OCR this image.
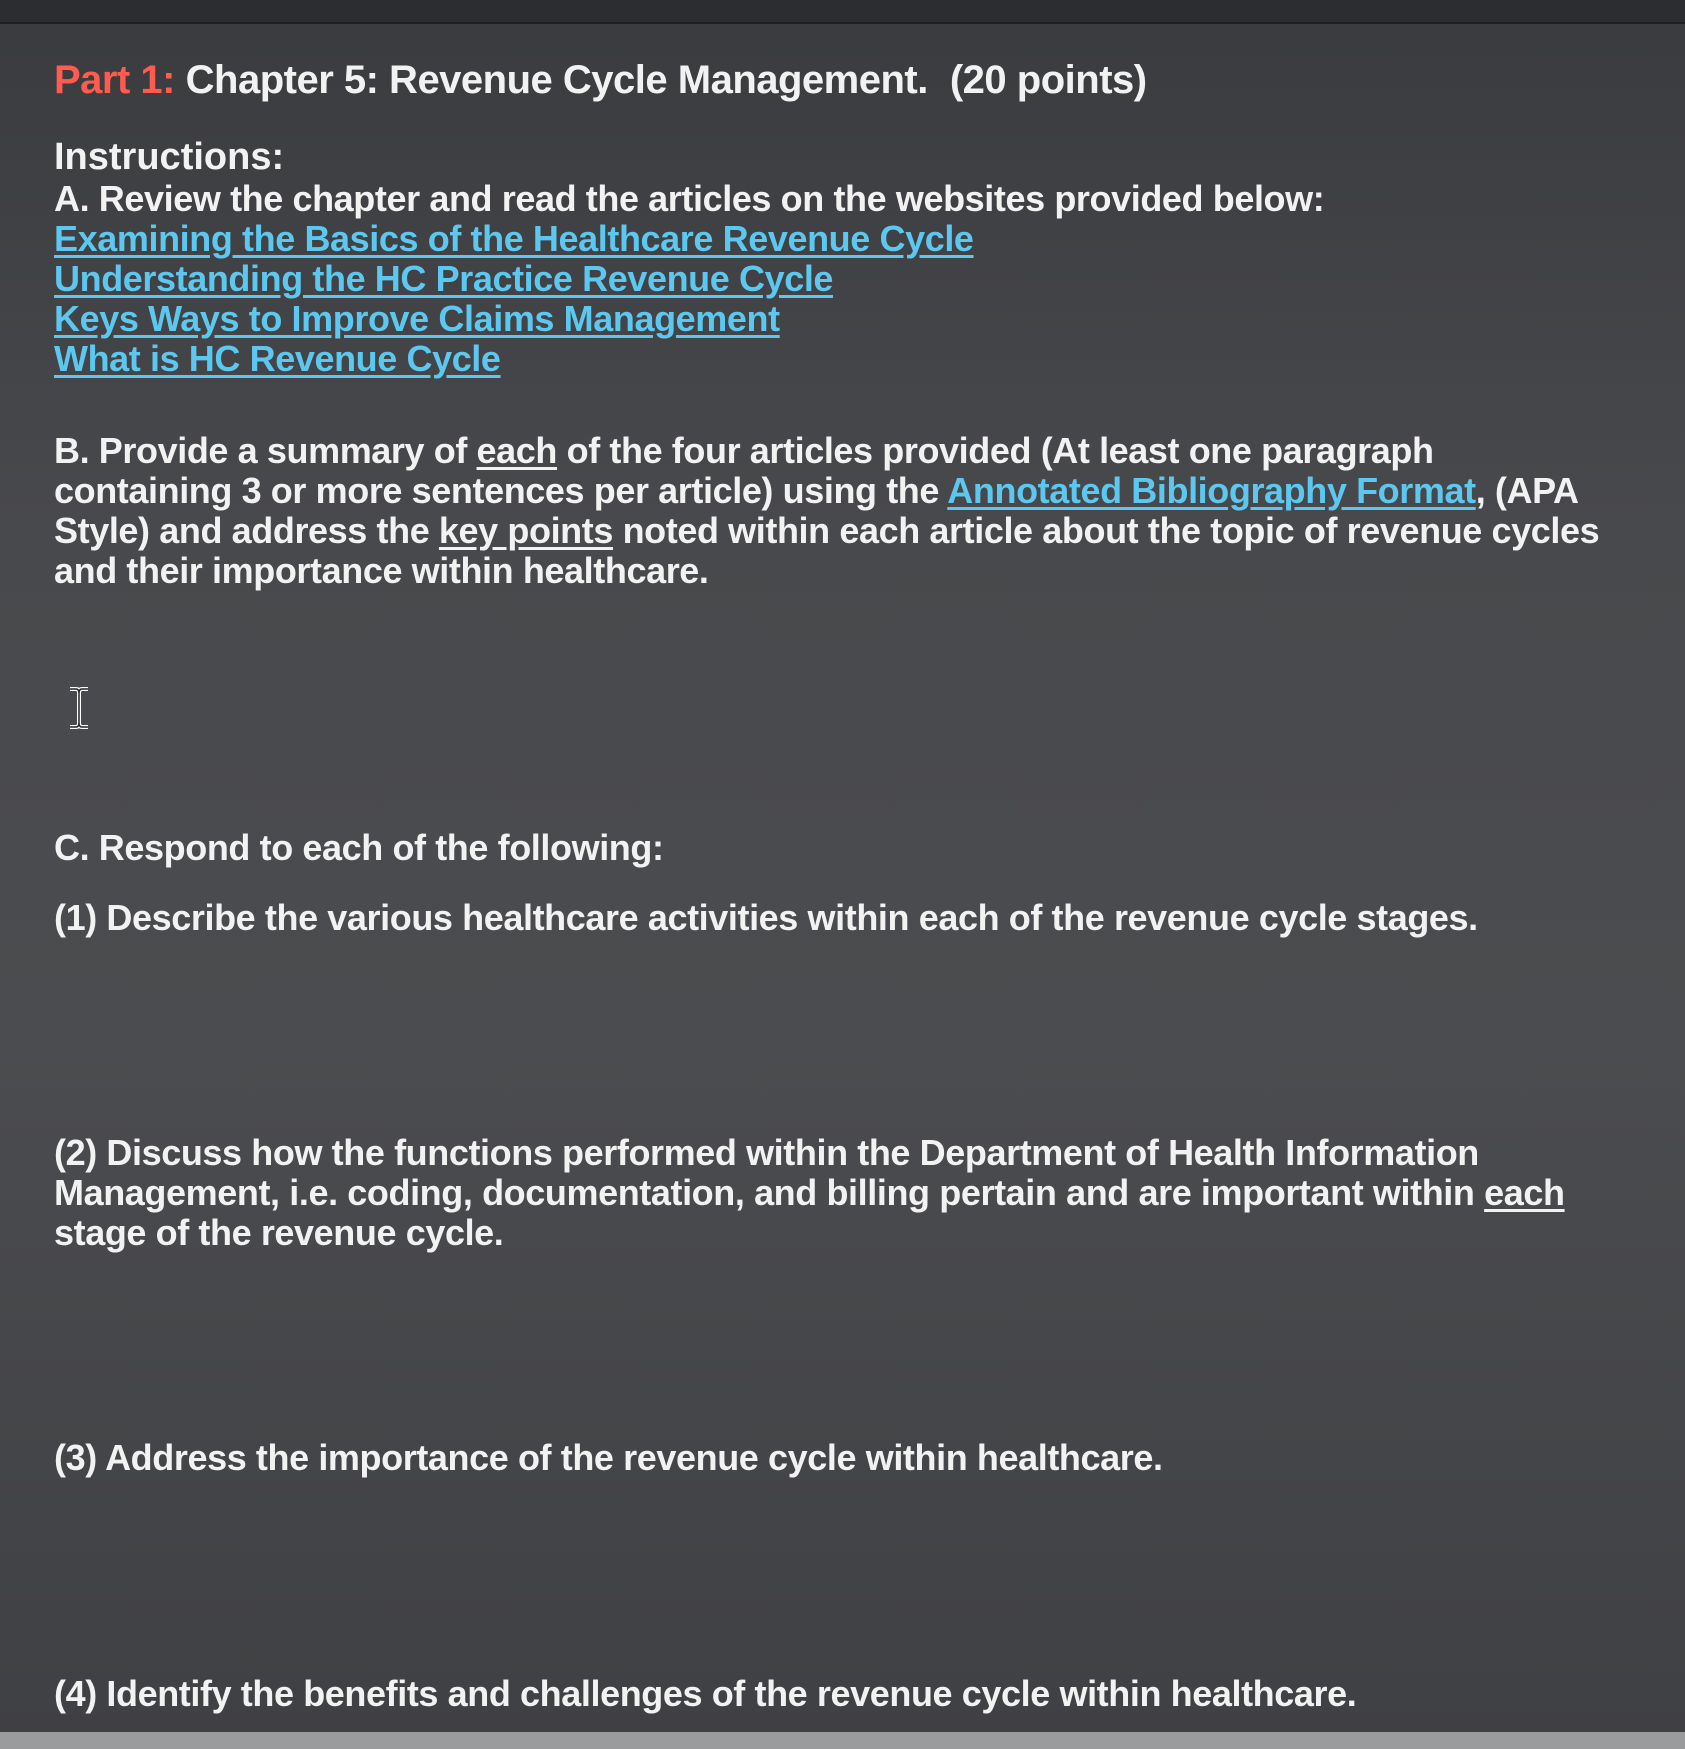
Part 1: Chapter 5: Revenue Cycle Management. (20 points)

Instructions:

A. Review the chapter and read the articles on the websites provided below:

Examining the Basics of the Healthcare Revenue Cycle
Understanding the HC Practice Revenue Cycle
Keys Ways to Improve Claims Management
What is HC Revenue Cycle

B. Provide a summary of each of the four articles provided (At least one paragraph containing 3 or more sentences per article) using the Annotated Bibliography Format, (APA Style) and address the key points noted within each article about the topic of revenue cycles and their importance within healthcare.

C. Respond to each of the following:

(1) Describe the various healthcare activities within each of the revenue cycle stages.

(2) Discuss how the functions performed within the Department of Health Information Management, i.e. coding, documentation, and billing pertain and are important within each stage of the revenue cycle.

(3) Address the importance of the revenue cycle within healthcare.

(4) Identify the benefits and challenges of the revenue cycle within healthcare.
